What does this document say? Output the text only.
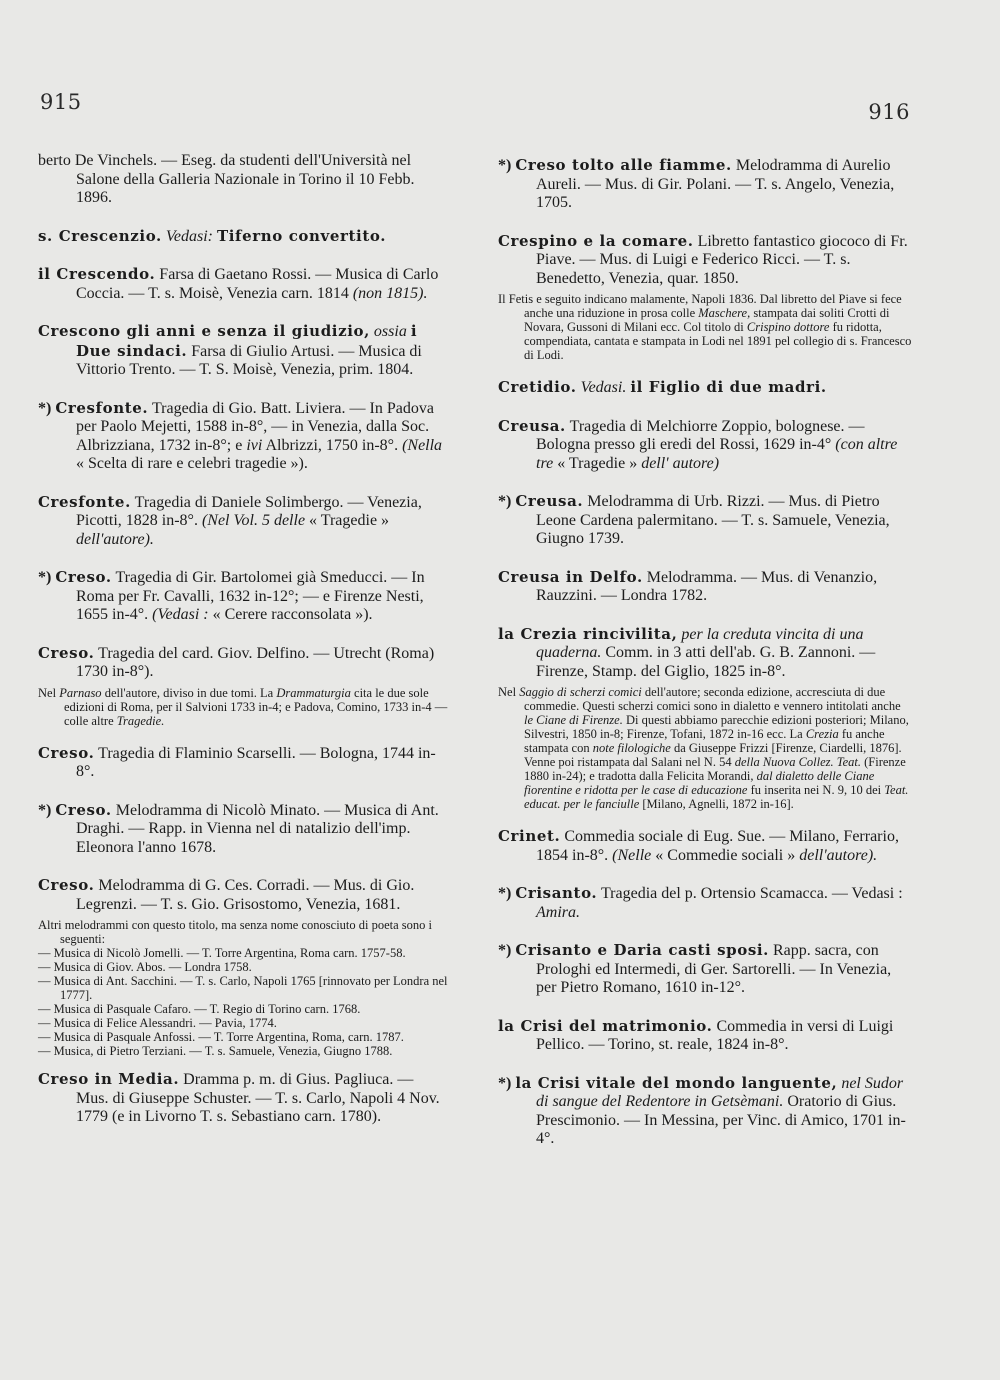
915	916

berto De Vinchels. — Eseg. da studenti dell'Università nel Salone della Galleria Nazionale in Torino il 10 Febb. 1896.

s. Crescenzio. Vedasi: Tiferno convertito.

il Crescendo. Farsa di Gaetano Rossi. — Musica di Carlo Coccia. — T. s. Moisè, Venezia carn. 1814 (non 1815).

Crescono gli anni e senza il giudizio, ossia i Due sindaci. Farsa di Giulio Artusi. — Musica di Vittorio Trento. — T. S. Moisè, Venezia, prim. 1804.

*) Cresfonte. Tragedia di Gio. Batt. Liviera. — In Padova per Paolo Mejetti, 1588 in-8°, — in Venezia, dalla Soc. Albrizziana, 1732 in-8°; e ivi Albrizzi, 1750 in-8°. (Nella « Scelta di rare e celebri tragedie »).

Cresfonte. Tragedia di Daniele Solimbergo. — Venezia, Picotti, 1828 in-8°. (Nel Vol. 5 delle « Tragedie » dell'autore).

*) Creso. Tragedia di Gir. Bartolomei già Smeducci. — In Roma per Fr. Cavalli, 1632 in-12°; — e Firenze Nesti, 1655 in-4°. (Vedasi : « Cerere racconsolata »).

Creso. Tragedia del card. Giov. Delfino. — Utrecht (Roma) 1730 in-8°).

Nel Parnaso dell'autore, diviso in due tomi. La Drammaturgia cita le due sole edizioni di Roma, per il Salvioni 1733 in-4; e Padova, Comino, 1733 in-4 — colle altre Tragedie.

Creso. Tragedia di Flaminio Scarselli. — Bologna, 1744 in-8°.

*) Creso. Melodramma di Nicolò Minato. — Musica di Ant. Draghi. — Rapp. in Vienna nel di natalizio dell'imp. Eleonora l'anno 1678.

Creso. Melodramma di G. Ces. Corradi. — Mus. di Gio. Legrenzi. — T. s. Gio. Grisostomo, Venezia, 1681.

Altri melodrammi con questo titolo, ma senza nome conosciuto di poeta sono i seguenti:
— Musica di Nicolò Jomelli. — T. Torre Argentina, Roma carn. 1757-58.
— Musica di Giov. Abos. — Londra 1758.
— Musica di Ant. Sacchini. — T. s. Carlo, Napoli 1765 [rinnovato per Londra nel 1777].
— Musica di Pasquale Cafaro. — T. Regio di Torino carn. 1768.
— Musica di Felice Alessandri. — Pavia, 1774.
— Musica di Pasquale Anfossi. — T. Torre Argentina, Roma, carn. 1787.
— Musica, di Pietro Terziani. — T. s. Samuele, Venezia, Giugno 1788.

Creso in Media. Dramma p. m. di Gius. Pagliuca. — Mus. di Giuseppe Schuster. — T. s. Carlo, Napoli 4 Nov. 1779 (e in Livorno T. s. Sebastiano carn. 1780).

*) Creso tolto alle fiamme. Melodramma di Aurelio Aureli. — Mus. di Gir. Polani. — T. s. Angelo, Venezia, 1705.

Crespino e la comare. Libretto fantastico giococo di Fr. Piave. — Mus. di Luigi e Federico Ricci. — T. s. Benedetto, Venezia, quar. 1850.

Il Fetis e seguito indicano malamente, Napoli 1836. Dal libretto del Piave si fece anche una riduzione in prosa colle Maschere, stampata dai soliti Crotti di Novara, Gussoni di Milani ecc. Col titolo di Crispino dottore fu ridotta, compendiata, cantata e stampata in Lodi nel 1891 pel collegio di s. Francesco di Lodi.

Cretidio. Vedasi. il Figlio di due madri.

Creusa. Tragedia di Melchiorre Zoppio, bolognese. — Bologna presso gli eredi del Rossi, 1629 in-4° (con altre tre « Tragedie » dell' autore)

*) Creusa. Melodramma di Urb. Rizzi. — Mus. di Pietro Leone Cardena palermitano. — T. s. Samuele, Venezia, Giugno 1739.

Creusa in Delfo. Melodramma. — Mus. di Venanzio, Rauzzini. — Londra 1782.

la Crezia rincivilita, per la creduta vincita di una quaderna. Comm. in 3 atti dell'ab. G. B. Zannoni. — Firenze, Stamp. del Giglio, 1825 in-8°.

Nel Saggio di scherzi comici dell'autore; seconda edizione, accresciuta di due commedie. Questi scherzi comici sono in dialetto e vennero intitolati anche le Ciane di Firenze. Di questi abbiamo parecchie edizioni posteriori; Milano, Silvestri, 1850 in-8; Firenze, Tofani, 1872 in-16 ecc. La Crezia fu anche stampata con note filologiche da Giuseppe Frizzi [Firenze, Ciardelli, 1876]. Venne poi ristampata dal Salani nel N. 54 della Nuova Collez. Teat. (Firenze 1880 in-24); e tradotta dalla Felicita Morandi, dal dialetto delle Ciane fiorentine e ridotta per le case di educazione fu inserita nei N. 9, 10 dei Teat. educat. per le fanciulle [Milano, Agnelli, 1872 in-16].

Crinet. Commedia sociale di Eug. Sue. — Milano, Ferrario, 1854 in-8°. (Nelle « Commedie sociali » dell'autore).

*) Crisanto. Tragedia del p. Ortensio Scamacca. — Vedasi : Amira.

*) Crisanto e Daria casti sposi. Rapp. sacra, con Prologhi ed Intermedi, di Ger. Sartorelli. — In Venezia, per Pietro Romano, 1610 in-12°.

la Crisi del matrimonio. Commedia in versi di Luigi Pellico. — Torino, st. reale, 1824 in-8°.

*) la Crisi vitale del mondo languente, nel Sudor di sangue del Redentore in Getsèmani. Oratorio di Gius. Prescimonio. — In Messina, per Vinc. di Amico, 1701 in-4°.
